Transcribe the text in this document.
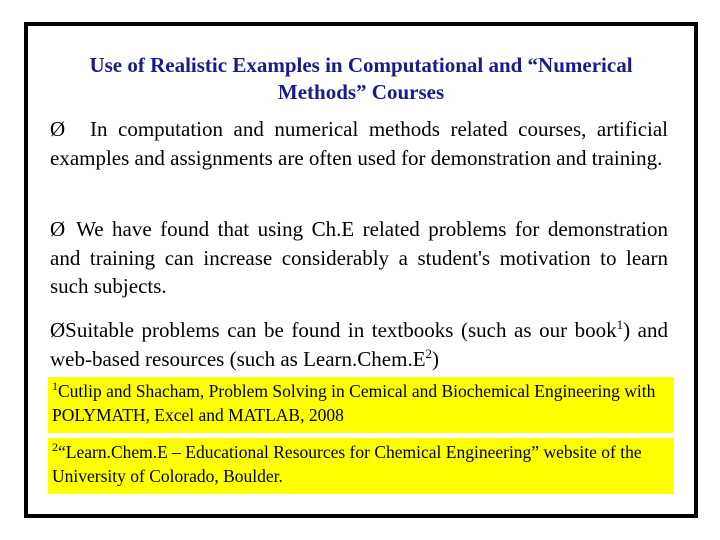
Use of Realistic Examples in Computational and “Numerical Methods” Courses
Ø In computation and numerical methods related courses, artificial examples and assignments are often used for demonstration and training.
Ø We have found that using Ch.E related problems for demonstration and training can increase considerably a student's motivation to learn such subjects.
ØSuitable problems can be found in textbooks (such as our book$^1$) and web-based resources (such as $Learn.Chem.E^2$)
$^1$Cutlip and Shacham, Problem Solving in Cemical and Biochemical Engineering with POLYMATH, Excel and MATLAB, 2008
$^2$“Learn.Chem.E – Educational Resources for Chemical Engineering” website of the University of Colorado, Boulder.
